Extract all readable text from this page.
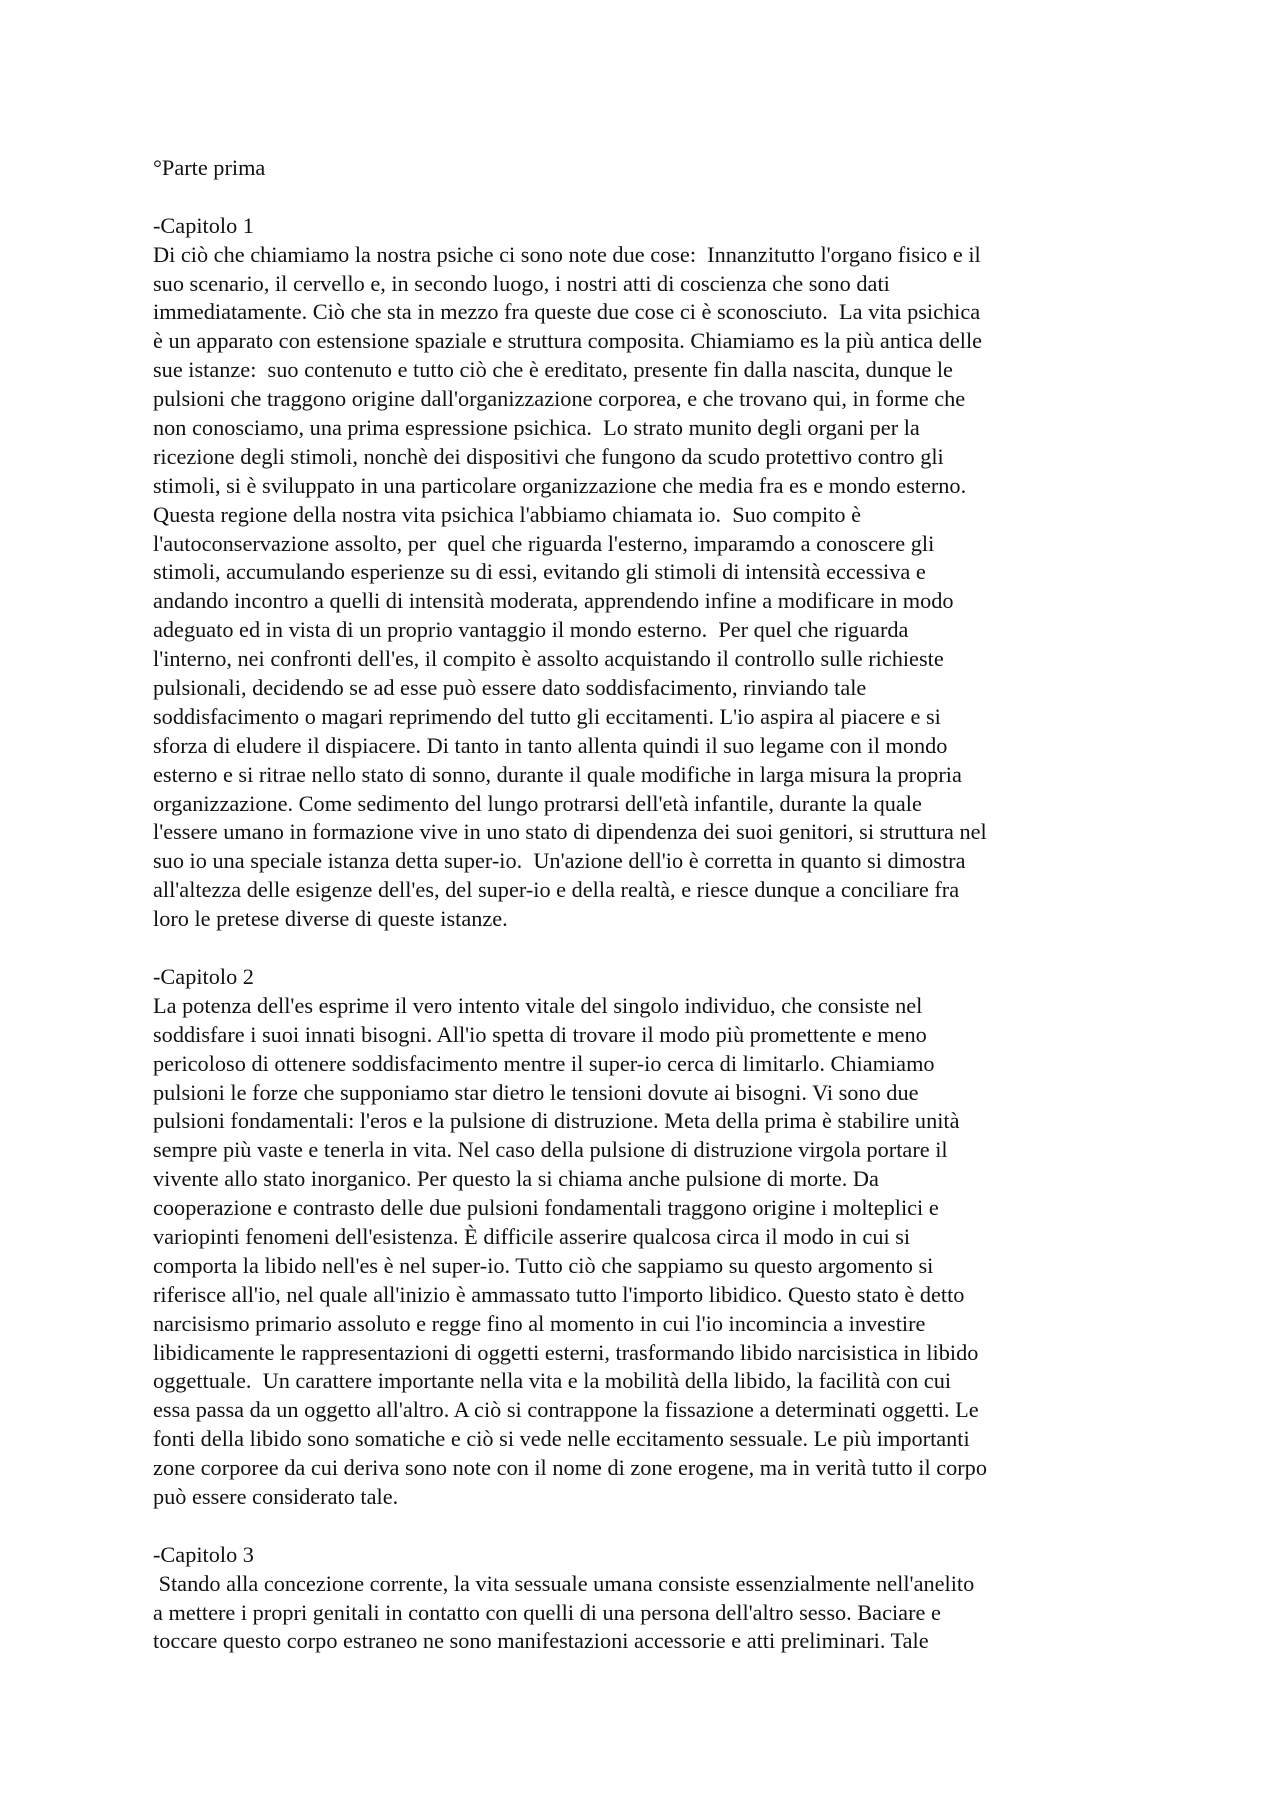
°Parte prima
-Capitolo 1
Di ciò che chiamiamo la nostra psiche ci sono note due cose:  Innanzitutto l'organo fisico e il
suo scenario, il cervello e, in secondo luogo, i nostri atti di coscienza che sono dati
immediatamente. Ciò che sta in mezzo fra queste due cose ci è sconosciuto.  La vita psichica
è un apparato con estensione spaziale e struttura composita. Chiamiamo es la più antica delle
sue istanze:  suo contenuto e tutto ciò che è ereditato, presente fin dalla nascita, dunque le
pulsioni che traggono origine dall'organizzazione corporea, e che trovano qui, in forme che
non conosciamo, una prima espressione psichica.  Lo strato munito degli organi per la
ricezione degli stimoli, nonchè dei dispositivi che fungono da scudo protettivo contro gli
stimoli, si è sviluppato in una particolare organizzazione che media fra es e mondo esterno.
Questa regione della nostra vita psichica l'abbiamo chiamata io.  Suo compito è
l'autoconservazione assolto, per  quel che riguarda l'esterno, imparamdo a conoscere gli
stimoli, accumulando esperienze su di essi, evitando gli stimoli di intensità eccessiva e
andando incontro a quelli di intensità moderata, apprendendo infine a modificare in modo
adeguato ed in vista di un proprio vantaggio il mondo esterno.  Per quel che riguarda
l'interno, nei confronti dell'es, il compito è assolto acquistando il controllo sulle richieste
pulsionali, decidendo se ad esse può essere dato soddisfacimento, rinviando tale
soddisfacimento o magari reprimendo del tutto gli eccitamenti. L'io aspira al piacere e si
sforza di eludere il dispiacere. Di tanto in tanto allenta quindi il suo legame con il mondo
esterno e si ritrae nello stato di sonno, durante il quale modifiche in larga misura la propria
organizzazione. Come sedimento del lungo protrarsi dell'età infantile, durante la quale
l'essere umano in formazione vive in uno stato di dipendenza dei suoi genitori, si struttura nel
suo io una speciale istanza detta super-io.  Un'azione dell'io è corretta in quanto si dimostra
all'altezza delle esigenze dell'es, del super-io e della realtà, e riesce dunque a conciliare fra
loro le pretese diverse di queste istanze.
-Capitolo 2
La potenza dell'es esprime il vero intento vitale del singolo individuo, che consiste nel
soddisfare i suoi innati bisogni. All'io spetta di trovare il modo più promettente e meno
pericoloso di ottenere soddisfacimento mentre il super-io cerca di limitarlo. Chiamiamo
pulsioni le forze che supponiamo star dietro le tensioni dovute ai bisogni. Vi sono due
pulsioni fondamentali: l'eros e la pulsione di distruzione. Meta della prima è stabilire unità
sempre più vaste e tenerla in vita. Nel caso della pulsione di distruzione virgola portare il
vivente allo stato inorganico. Per questo la si chiama anche pulsione di morte. Da
cooperazione e contrasto delle due pulsioni fondamentali traggono origine i molteplici e
variopinti fenomeni dell'esistenza. È difficile asserire qualcosa circa il modo in cui si
comporta la libido nell'es è nel super-io. Tutto ciò che sappiamo su questo argomento si
riferisce all'io, nel quale all'inizio è ammassato tutto l'importo libidico. Questo stato è detto
narcisismo primario assoluto e regge fino al momento in cui l'io incomincia a investire
libidicamente le rappresentazioni di oggetti esterni, trasformando libido narcisistica in libido
oggettuale.  Un carattere importante nella vita e la mobilità della libido, la facilità con cui
essa passa da un oggetto all'altro. A ciò si contrappone la fissazione a determinati oggetti. Le
fonti della libido sono somatiche e ciò si vede nelle eccitamento sessuale. Le più importanti
zone corporee da cui deriva sono note con il nome di zone erogene, ma in verità tutto il corpo
può essere considerato tale.
-Capitolo 3
Stando alla concezione corrente, la vita sessuale umana consiste essenzialmente nell'anelito
a mettere i propri genitali in contatto con quelli di una persona dell'altro sesso. Baciare e
toccare questo corpo estraneo ne sono manifestazioni accessorie e atti preliminari. Tale
